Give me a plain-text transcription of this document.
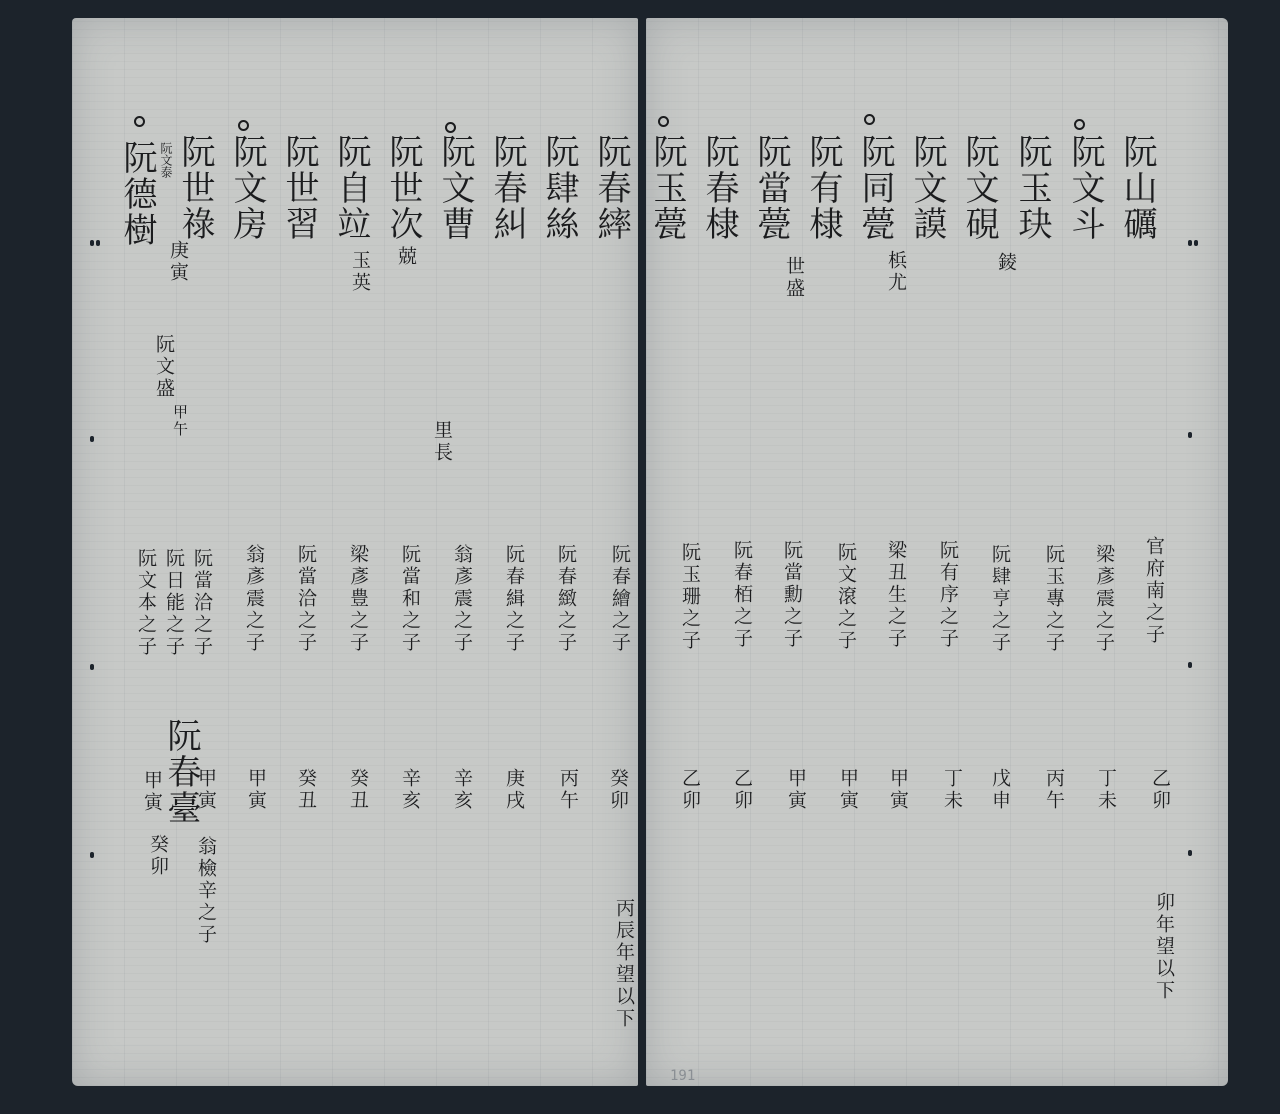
阮山礪
阮文斗
阮玉玦
阮文硯
阮文謨
阮同甍
阮有棣
阮當甍
阮春棣
阮玉甍
錂
梹尤
世盛
阮春繂
阮肆絲
阮春糾
阮文曹
阮世次
阮自竝
阮世習
阮文房
阮世祿
阮德樹
兢
玉英
阮文泰
庚寅
阮文盛
甲午	里長
官府南之子
梁彥震之子
阮玉專之子
阮肆亨之子
阮有序之子
梁丑生之子
阮文滾之子
阮當勳之子
阮春栢之子
阮玉珊之子
阮春繪之子
阮春緻之子
阮春緝之子
翁彥震之子
阮當和之子
梁彥豊之子
阮當洽之子
翁彥震之子
阮當洽之子
阮日能之子
阮文本之子
乙卯
丁未
丙午
戊申
丁未
甲寅
甲寅
甲寅
乙卯
乙卯
癸卯
丙午
庚戌
辛亥
辛亥
癸丑
癸丑
甲寅
阮春
臺
甲寅
甲寅
翁檢辛之子
癸卯
卯年望以下
丙辰年望以下
191
